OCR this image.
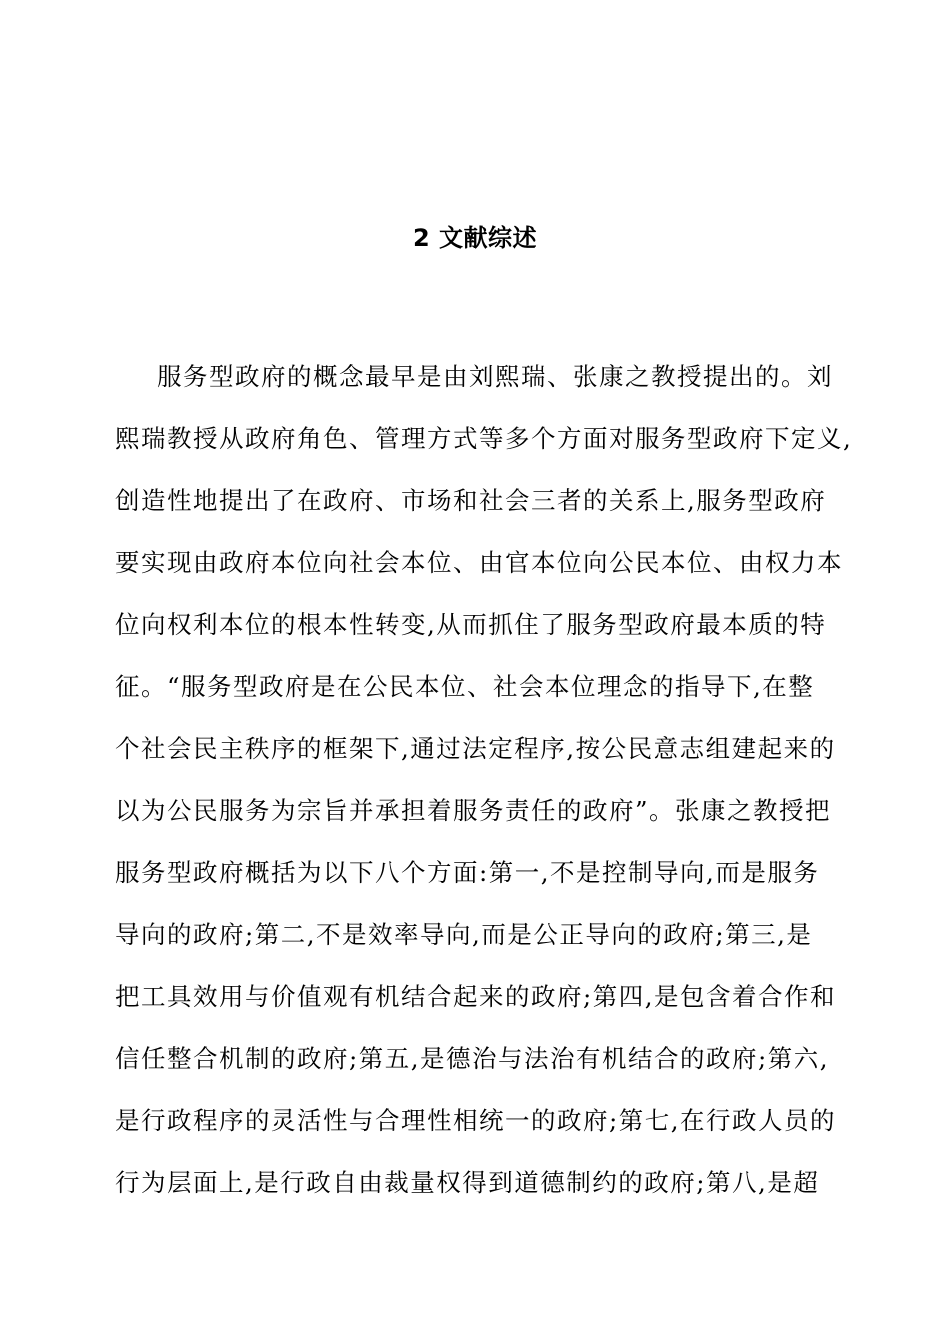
2 文献综述
服务型政府的概念最早是由刘熙瑞、张康之教授提出的。刘
熙瑞教授从政府角色、管理方式等多个方面对服务型政府下定义,
创造性地提出了在政府、市场和社会三者的关系上,服务型政府
要实现由政府本位向社会本位、由官本位向公民本位、由权力本
位向权利本位的根本性转变,从而抓住了服务型政府最本质的特
征。“服务型政府是在公民本位、社会本位理念的指导下,在整
个社会民主秩序的框架下,通过法定程序,按公民意志组建起来的
以为公民服务为宗旨并承担着服务责任的政府”。张康之教授把
服务型政府概括为以下八个方面:第一,不是控制导向,而是服务
导向的政府;第二,不是效率导向,而是公正导向的政府;第三,是
把工具效用与价值观有机结合起来的政府;第四,是包含着合作和
信任整合机制的政府;第五,是德治与法治有机结合的政府;第六,
是行政程序的灵活性与合理性相统一的政府;第七,在行政人员的
行为层面上,是行政自由裁量权得到道德制约的政府;第八,是超
